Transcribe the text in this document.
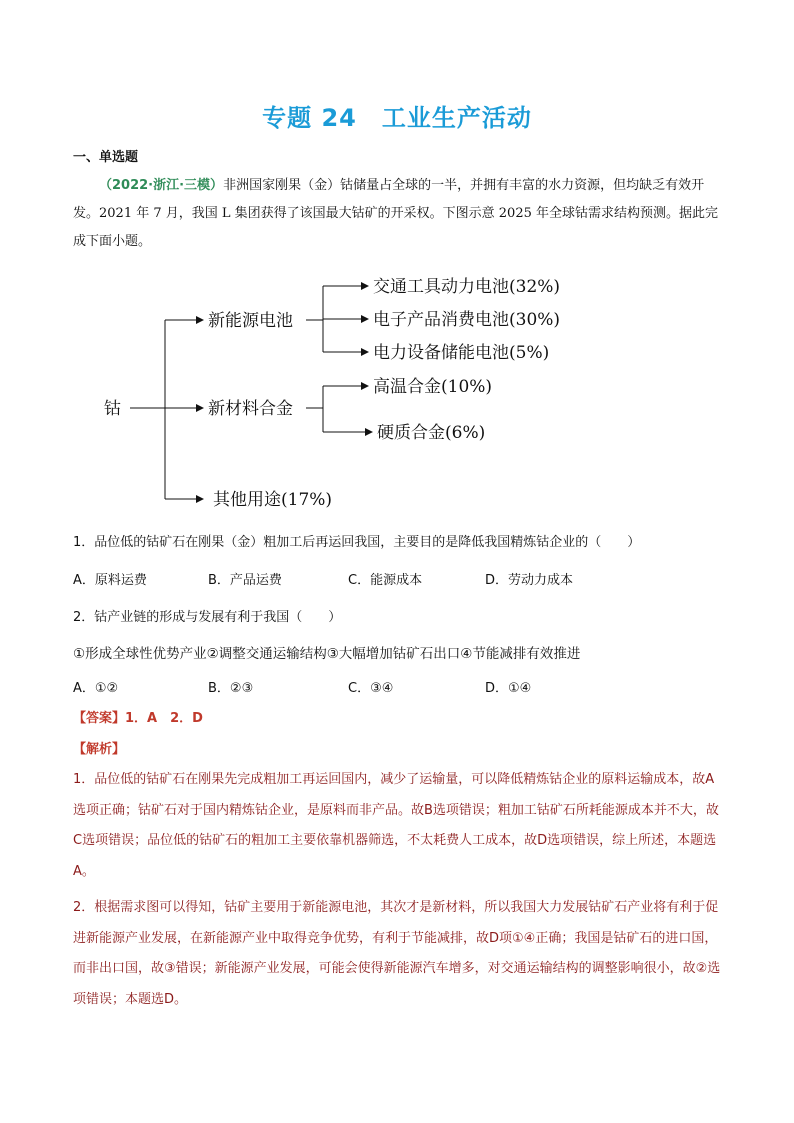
专题 24　工业生产活动
一、单选题
（2022·浙江·三模）非洲国家刚果（金）钴储量占全球的一半，并拥有丰富的水力资源，但均缺乏有效开发。2021 年 7 月，我国 L 集团获得了该国最大钴矿的开采权。下图示意 2025 年全球钴需求结构预测。据此完成下面小题。
钴
新能源电池
新材料合金
其他用途(17%)
交通工具动力电池(32%)
电子产品消费电池(30%)
电力设备储能电池(5%)
高温合金(10%)
硬质合金(6%)
1．品位低的钴矿石在刚果（金）粗加工后再运回我国，主要目的是降低我国精炼钴企业的（　　）
A．原料运费	B．产品运费	C．能源成本	D．劳动力成本
2．钴产业链的形成与发展有利于我国（　　）
①形成全球性优势产业②调整交通运输结构③大幅增加钴矿石出口④节能减排有效推进
A．①②	B．②③	C．③④	D．①④
【答案】1．A　2．D
【解析】
1．品位低的钴矿石在刚果先完成粗加工再运回国内，减少了运输量，可以降低精炼钴企业的原料运输成本，故A选项正确；钴矿石对于国内精炼钴企业，是原料而非产品。故B选项错误；粗加工钴矿石所耗能源成本并不大，故C选项错误；品位低的钴矿石的粗加工主要依靠机器筛选，不太耗费人工成本，故D选项错误，综上所述，本题选A。
2．根据需求图可以得知，钴矿主要用于新能源电池，其次才是新材料，所以我国大力发展钴矿石产业将有利于促进新能源产业发展，在新能源产业中取得竞争优势，有利于节能减排，故D项①④正确；我国是钴矿石的进口国，而非出口国，故③错误；新能源产业发展，可能会使得新能源汽车增多，对交通运输结构的调整影响很小，故②选项错误；本题选D。
